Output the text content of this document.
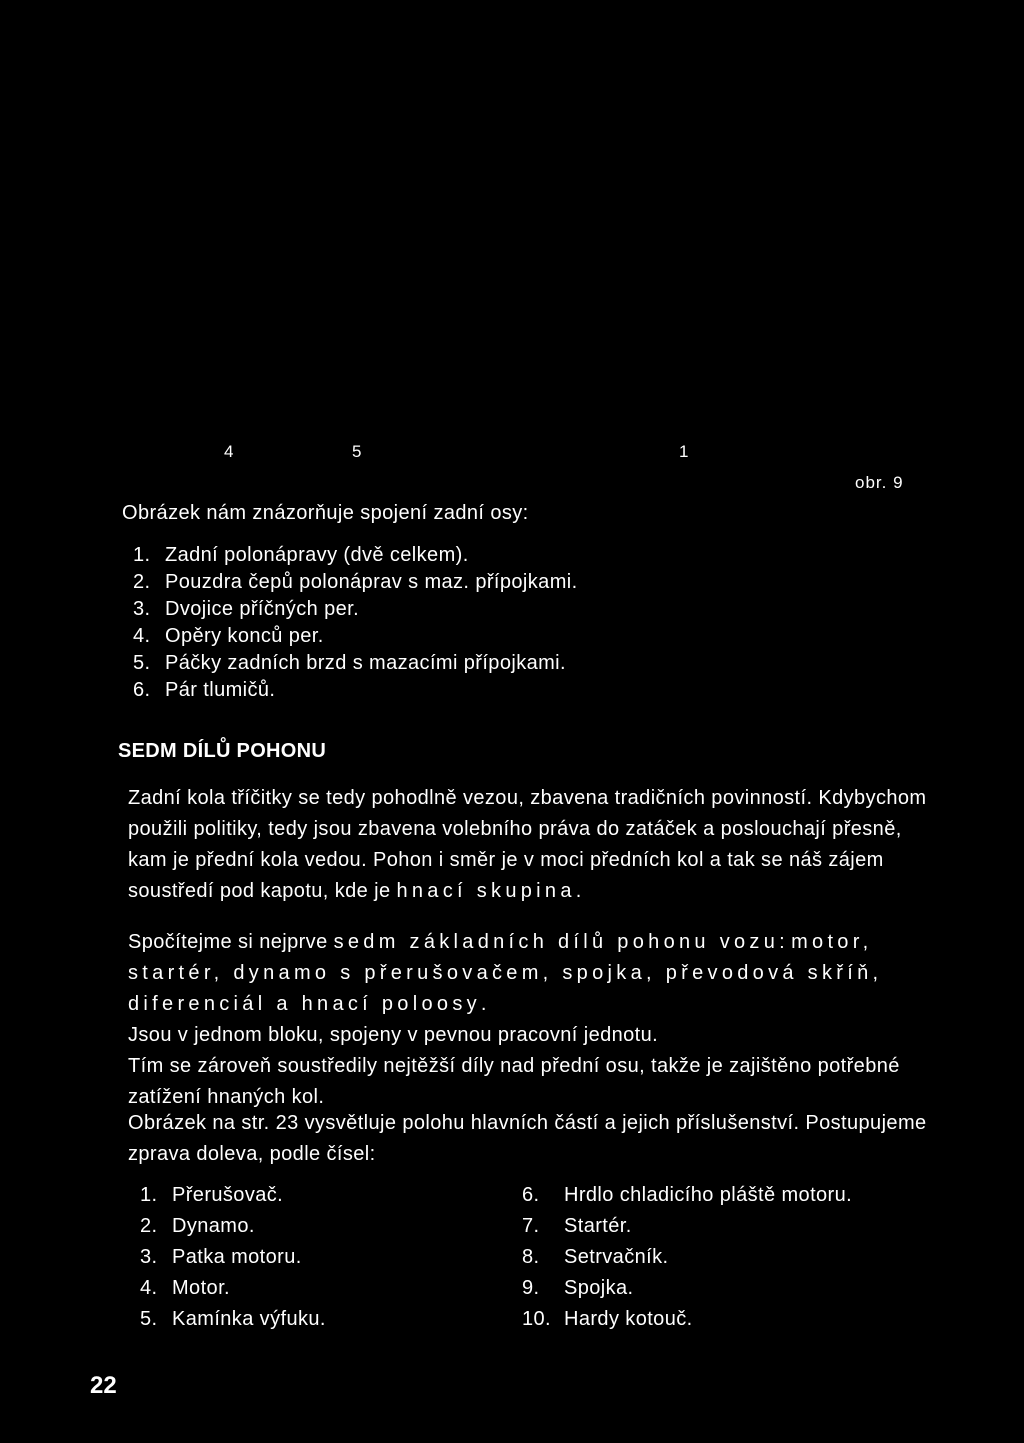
4	5	1
obr. 9
Obrázek nám znázorňuje spojení zadní osy:
1. Zadní polonápravy (dvě celkem).
2. Pouzdra čepů polonáprav s maz. přípojkami.
3. Dvojice příčných per.
4. Opěry konců per.
5. Páčky zadních brzd s mazacími přípojkami.
6. Pár tlumičů.
SEDM DÍLŮ POHONU
Zadní kola tříčitky se tedy pohodlně vezou, zbavena tradičních povinností. Kdybychom použili politiky, tedy jsou zbavena volebního práva do zatáček a poslouchají přesně, kam je přední kola vedou. Pohon i směr je v moci předních kol a tak se náš zájem soustředí pod kapotu, kde je hnací skupina.
Spočítejme si nejprve sedm základních dílů pohonu vozu: motor, startér, dynamo s přerušovačem, spojka, převodová skříň, diferenciál a hnací poloosy.
Jsou v jednom bloku, spojeny v pevnou pracovní jednotu.
Tím se zároveň soustředily nejtěžší díly nad přední osu, takže je zajištěno potřebné zatížení hnaných kol.
Obrázek na str. 23 vysvětluje polohu hlavních částí a jejich příslušenství. Postupujeme zprava doleva, podle čísel:
1. Přerušovač.
2. Dynamo.
3. Patka motoru.
4. Motor.
5. Kamínka výfuku.
6. Hrdlo chladicího pláště motoru.
7. Startér.
8. Setrvačník.
9. Spojka.
10. Hardy kotouč.
22
